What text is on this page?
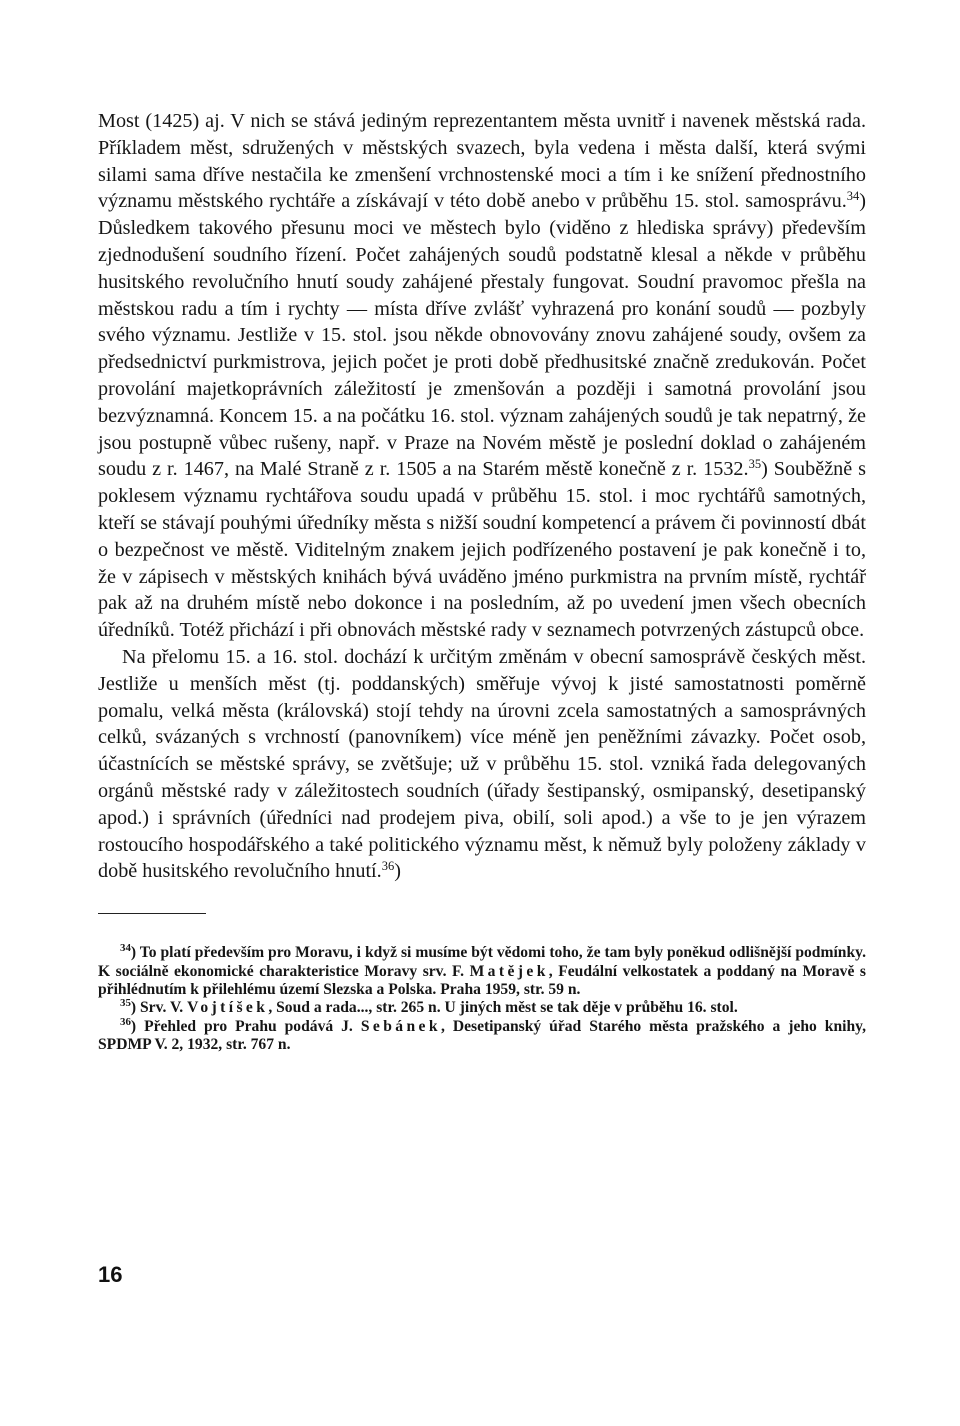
Most (1425) aj. V nich se stává jediným reprezentantem města uvnitř i navenek městská rada. Příkladem měst, sdružených v městských svazech, byla vedena i města další, která svými silami sama dříve nestačila ke zmenšení vrchnostenské moci a tím i ke snížení přednostního významu městského rychtáře a získávají v této době anebo v průběhu 15. stol. samosprávu.$^{34}$) Důsledkem takového přesunu moci ve městech bylo (viděno z hlediska správy) především zjednodušení soudního řízení. Počet zahájených soudů podstatně klesal a někde v průběhu husitského revolučního hnutí soudy zahájené přestaly fungovat. Soudní pravomoc přešla na městskou radu a tím i rychty — místa dříve zvlášť vyhrazená pro konání soudů — pozbyly svého významu. Jestliže v 15. stol. jsou někde obnovovány znovu zahájené soudy, ovšem za předsednictví purkmistrova, jejich počet je proti době předhusitské značně zredukován. Počet provolání majetkoprávních záležitostí je zmenšován a později i samotná provolání jsou bezvýznamná. Koncem 15. a na počátku 16. stol. význam zahájených soudů je tak nepatrný, že jsou postupně vůbec rušeny, např. v Praze na Novém městě je poslední doklad o zahájeném soudu z r. 1467, na Malé Straně z r. 1505 a na Starém městě konečně z r. 1532.35) Souběžně s poklesem významu rychtářova soudu upadá v průběhu 15. stol. i moc rychtářů samotných, kteří se stávají pouhými úředníky města s nižší soudní kompetencí a právem či povinností dbát o bezpečnost ve městě. Viditelným znakem jejich podřízeného postavení je pak konečně i to, že v zápisech v městských knihách bývá uváděno jméno purkmistra na prvním místě, rychtář pak až na druhém místě nebo dokonce i na posledním, až po uvedení jmen všech obecních úředníků. Totéž přichází i při obnovách městské rady v seznamech potvrzených zástupců obce.

Na přelomu 15. a 16. stol. dochází k určitým změnám v obecní samosprávě českých měst. Jestliže u menších měst (tj. poddanských) směřuje vývoj k jisté samostatnosti poměrně pomalu, velká města (královská) stojí tehdy na úrovni zcela samostatných a samosprávných celků, svázaných s vrchností (panovníkem) více méně jen peněžními závazky. Počet osob, účastnících se městské správy, se zvětšuje; už v průběhu 15. stol. vzniká řada delegovaných orgánů městské rady v záležitostech soudních (úřady šestipanský, osmipanský, desetipanský apod.) i správních (úředníci nad prodejem piva, obilí, soli apod.) a vše to je jen výrazem rostoucího hospodářského a také politického významu měst, k němuž byly položeny základy v době husitského revolučního hnutí.$^{36}$)

$^{34}$) To platí především pro Moravu, i když si musíme být vědomi toho, že tam byly poněkud odlišnější podmínky. K sociálně ekonomické charakteristice Moravy srv. F. Matějek, Feudální velkostatek a poddaný na Moravě s přihlédnutím k přilehlému území Slezska a Polska. Praha 1959, str. 59 n.

$^{35}$) Srv. V. Vojtíšek, Soud a rada..., str. 265 n. U jiných měst se tak děje v průběhu 16. stol.

$^{36}$) Přehled pro Prahu podává J. Sebánek, Desetipanský úřad Starého města pražského a jeho knihy, SPDMP V. 2, 1932, str. 767 n.

16
